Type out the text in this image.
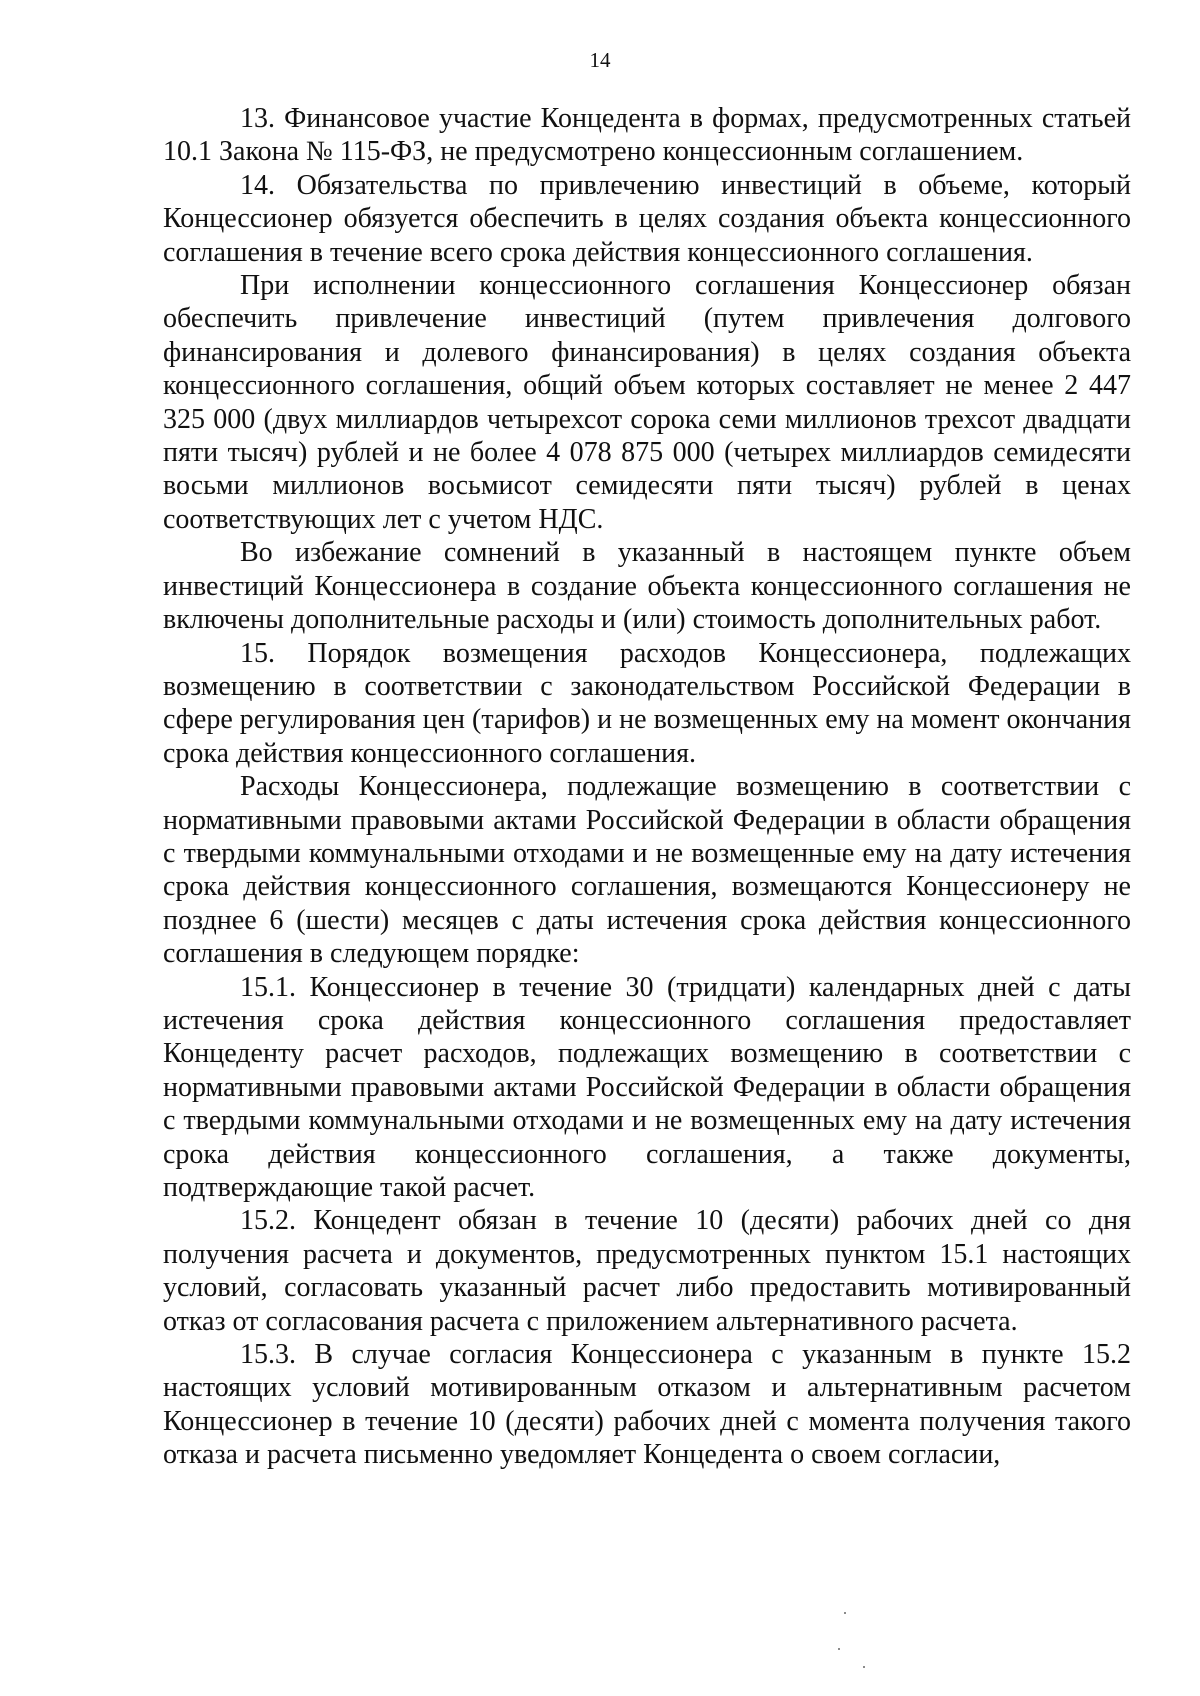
14

13. Финансовое участие Концедента в формах, предусмотренных статьей 10.1 Закона № 115-ФЗ, не предусмотрено концессионным соглашением.

14. Обязательства по привлечению инвестиций в объеме, который Концессионер обязуется обеспечить в целях создания объекта концессионного соглашения в течение всего срока действия концессионного соглашения.

При исполнении концессионного соглашения Концессионер обязан обеспечить привлечение инвестиций (путем привлечения долгового финансирования и долевого финансирования) в целях создания объекта концессионного соглашения, общий объем которых составляет не менее 2 447 325 000 (двух миллиардов четырехсот сорока семи миллионов трехсот двадцати пяти тысяч) рублей и не более 4 078 875 000 (четырех миллиардов семидесяти восьми миллионов восьмисот семидесяти пяти тысяч) рублей в ценах соответствующих лет с учетом НДС.

Во избежание сомнений в указанный в настоящем пункте объем инвестиций Концессионера в создание объекта концессионного соглашения не включены дополнительные расходы и (или) стоимость дополнительных работ.

15. Порядок возмещения расходов Концессионера, подлежащих возмещению в соответствии с законодательством Российской Федерации в сфере регулирования цен (тарифов) и не возмещенных ему на момент окончания срока действия концессионного соглашения.

Расходы Концессионера, подлежащие возмещению в соответствии с нормативными правовыми актами Российской Федерации в области обращения с твердыми коммунальными отходами и не возмещенные ему на дату истечения срока действия концессионного соглашения, возмещаются Концессионеру не позднее 6 (шести) месяцев с даты истечения срока действия концессионного соглашения в следующем порядке:

15.1. Концессионер в течение 30 (тридцати) календарных дней с даты истечения срока действия концессионного соглашения предоставляет Концеденту расчет расходов, подлежащих возмещению в соответствии с нормативными правовыми актами Российской Федерации в области обращения с твердыми коммунальными отходами и не возмещенных ему на дату истечения срока действия концессионного соглашения, а также документы, подтверждающие такой расчет.

15.2. Концедент обязан в течение 10 (десяти) рабочих дней со дня получения расчета и документов, предусмотренных пунктом 15.1 настоящих условий, согласовать указанный расчет либо предоставить мотивированный отказ от согласования расчета с приложением альтернативного расчета.

15.3. В случае согласия Концессионера с указанным в пункте 15.2 настоящих условий мотивированным отказом и альтернативным расчетом Концессионер в течение 10 (десяти) рабочих дней с момента получения такого отказа и расчета письменно уведомляет Концедента о своем согласии,
